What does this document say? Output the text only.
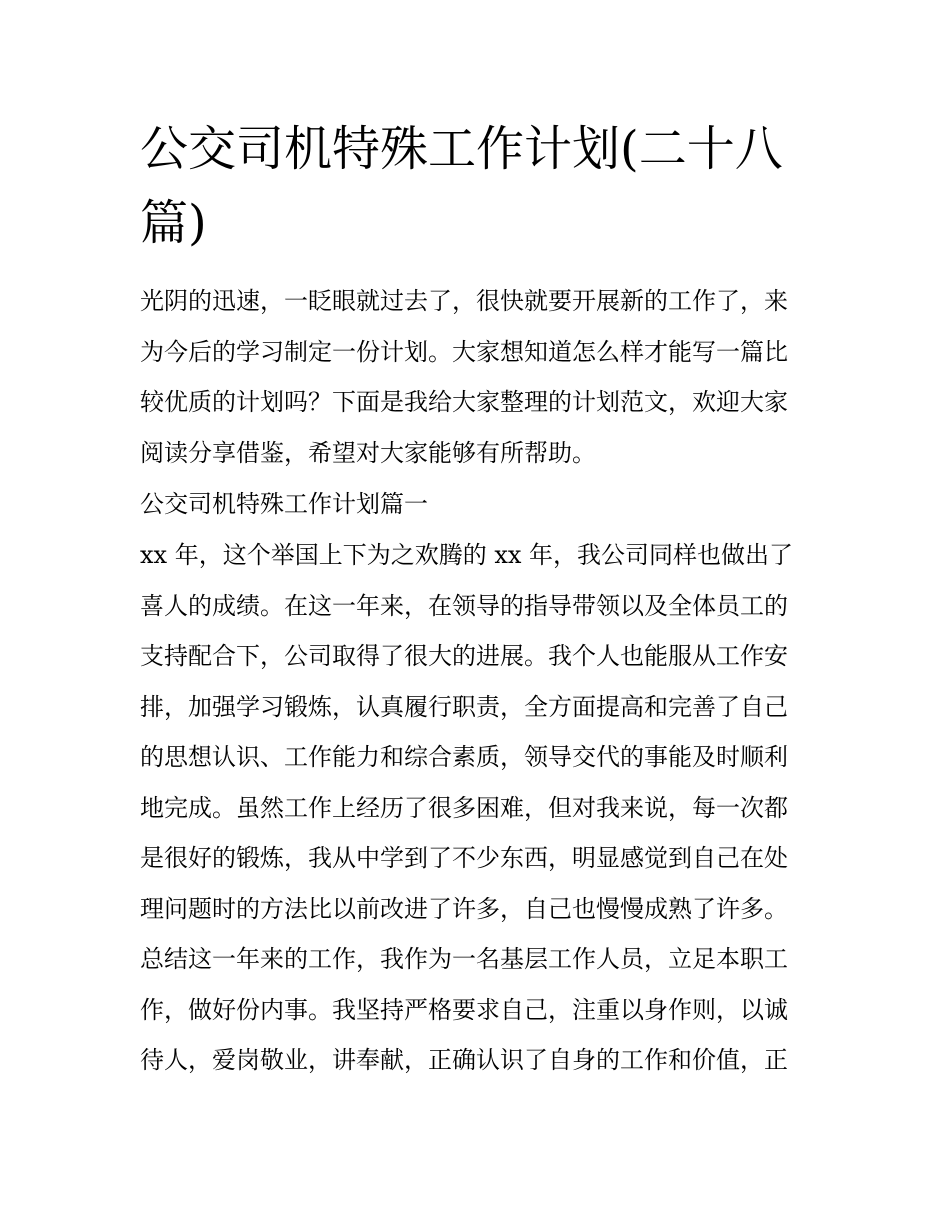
公交司机特殊工作计划(二十八
篇)
光阴的迅速，一眨眼就过去了，很快就要开展新的工作了，来
为今后的学习制定一份计划。大家想知道怎么样才能写一篇比
较优质的计划吗？下面是我给大家整理的计划范文，欢迎大家
阅读分享借鉴，希望对大家能够有所帮助。
公交司机特殊工作计划篇一
xx 年，这个举国上下为之欢腾的 xx 年，我公司同样也做出了
喜人的成绩。在这一年来，在领导的指导带领以及全体员工的
支持配合下，公司取得了很大的进展。我个人也能服从工作安
排，加强学习锻炼，认真履行职责，全方面提高和完善了自己
的思想认识、工作能力和综合素质，领导交代的事能及时顺利
地完成。虽然工作上经历了很多困难，但对我来说，每一次都
是很好的锻炼，我从中学到了不少东西，明显感觉到自己在处
理问题时的方法比以前改进了许多，自己也慢慢成熟了许多。
总结这一年来的工作，我作为一名基层工作人员，立足本职工
作，做好份内事。我坚持严格要求自己，注重以身作则，以诚
待人，爱岗敬业，讲奉献，正确认识了自身的工作和价值，正
